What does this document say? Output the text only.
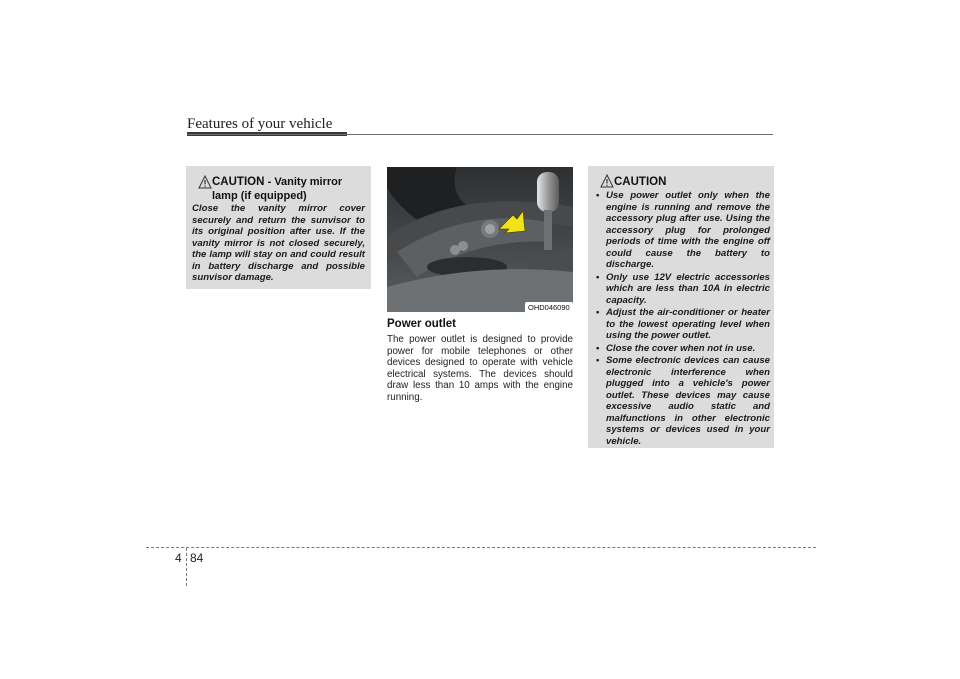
Features of your vehicle
CAUTION - Vanity mirror
lamp (if equipped)
Close the vanity mirror cover securely and return the sunvisor to its original position after use. If the vanity mirror is not closed securely, the lamp will stay on and could result in battery discharge and possible sunvisor damage.
OHD046090
Power outlet
The power outlet is designed to provide power for mobile telephones or other devices designed to operate with vehicle electrical systems. The devices should draw less than 10 amps with the engine running.
CAUTION
• Use power outlet only when the engine is running and remove the accessory plug after use. Using the accessory plug for prolonged periods of time with the engine off could cause the battery to discharge.
• Only use 12V electric accessories which are less than 10A in electric capacity.
• Adjust the air-conditioner or heater to the lowest operating level when using the power outlet.
• Close the cover when not in use.
• Some electronic devices can cause electronic interference when plugged into a vehicle's power outlet. These devices may cause excessive audio static and malfunctions in other electronic systems or devices used in your vehicle.
4 84
